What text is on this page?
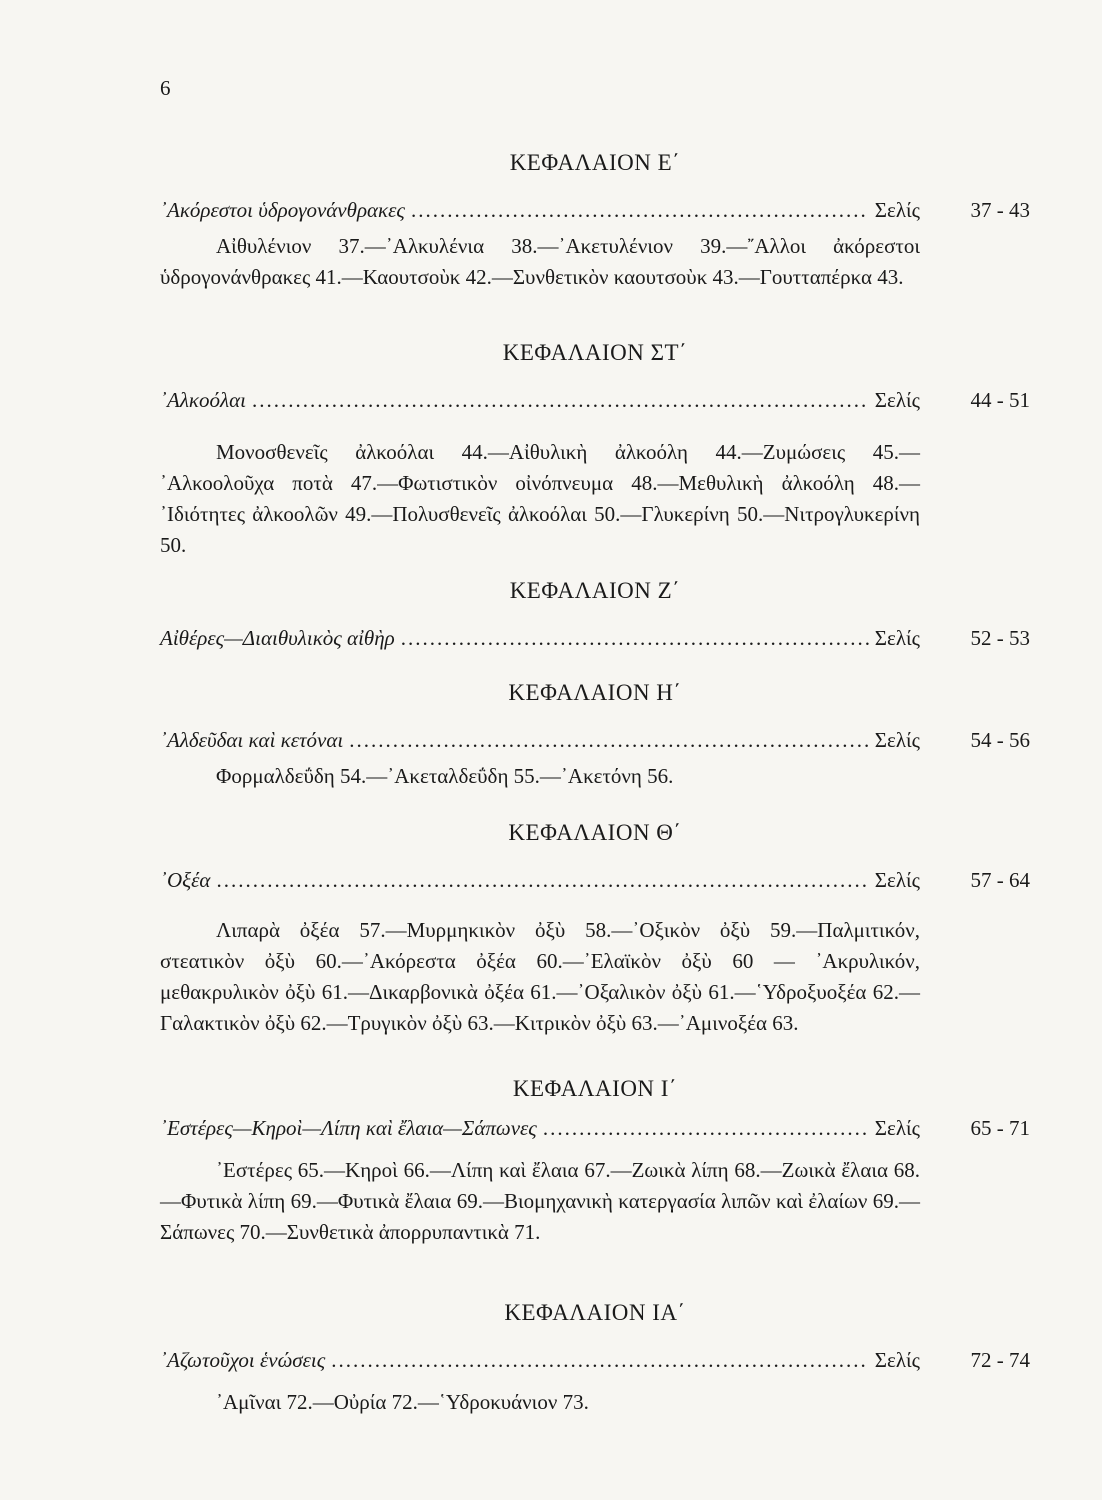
6
ΚΕΦΑΛΑΙΟΝ Ε΄
᾿Ακόρεστοι ὑδρογονάνθρακες .....	Σελίς	37 - 43

Αἰθυλένιον 37.—᾿Αλκυλένια 38.—᾿Ακετυλένιον 39.—῎Αλλοι ἀκόρεστοι ὑδρογονάνθρακες 41.—Καουτσοὺκ 42.—Συνθετικὸν καουτσοὺκ 43.—Γουτταπέρκα 43.

ΚΕΦΑΛΑΙΟΝ ΣΤ΄
᾿Αλκοόλαι .....	Σελίς	44 - 51

Μονοσθενεῖς ἀλκοόλαι 44.—Αἰθυλικὴ ἀλκοόλη 44.—Ζυμώσεις 45.—᾿Αλκοολοῦχα ποτὰ 47.—Φωτιστικὸν οἰνόπνευμα 48.—Μεθυλικὴ ἀλκοόλη 48.—᾿Ιδιότητες ἀλκοολῶν 49.—Πολυσθενεῖς ἀλκοόλαι 50.—Γλυκερίνη 50.—Νιτρογλυκερίνη 50.

ΚΕΦΑΛΑΙΟΝ Ζ΄
Αἰθέρες—Διαιθυλικὸς αἰθὴρ .....	Σελίς	52 - 53
ΚΕΦΑΛΑΙΟΝ Η΄
᾿Αλδεῦδαι καὶ κετόναι .....	Σελίς	54 - 56

Φορμαλδεΰδη 54.—᾿Ακεταλδεΰδη 55.—᾿Ακετόνη 56.

ΚΕΦΑΛΑΙΟΝ Θ΄
᾿Οξέα .....	Σελίς	57 - 64

Λιπαρὰ ὀξέα 57.—Μυρμηκικὸν ὀξὺ 58.—᾿Οξικὸν ὀξὺ 59.—Παλμιτικόν, στεατικὸν ὀξὺ 60.—᾿Ακόρεστα ὀξέα 60.—᾿Ελαϊκὸν ὀξὺ 60 — ᾿Ακρυλικόν, μεθακρυλικὸν ὀξὺ 61.—Δικαρβονικὰ ὀξέα 61.—᾿Οξαλικὸν ὀξὺ 61.—῾Υδροξυοξέα 62.—Γαλακτικὸν ὀξὺ 62.—Τρυγικὸν ὀξὺ 63.—Κιτρικὸν ὀξὺ 63.—᾿Αμινοξέα 63.

ΚΕΦΑΛΑΙΟΝ Ι΄
᾿Εστέρες—Κηροὶ—Λίπη καὶ ἔλαια—Σάπωνες .....	Σελίς	65 - 71

᾿Εστέρες 65.—Κηροὶ 66.—Λίπη καὶ ἔλαια 67.—Ζωικὰ λίπη 68.—Ζωικὰ ἔλαια 68.—Φυτικὰ λίπη 69.—Φυτικὰ ἔλαια 69.—Βιομηχανικὴ κατεργασία λιπῶν καὶ ἐλαίων 69.—Σάπωνες 70.—Συνθετικὰ ἀπορρυπαντικὰ 71.

ΚΕΦΑΛΑΙΟΝ ΙΑ΄
᾿Αζωτοῦχοι ἑνώσεις .....	Σελίς	72 - 74

᾿Αμῖναι 72.—Οὐρία 72.—῾Υδροκυάνιον 73.
